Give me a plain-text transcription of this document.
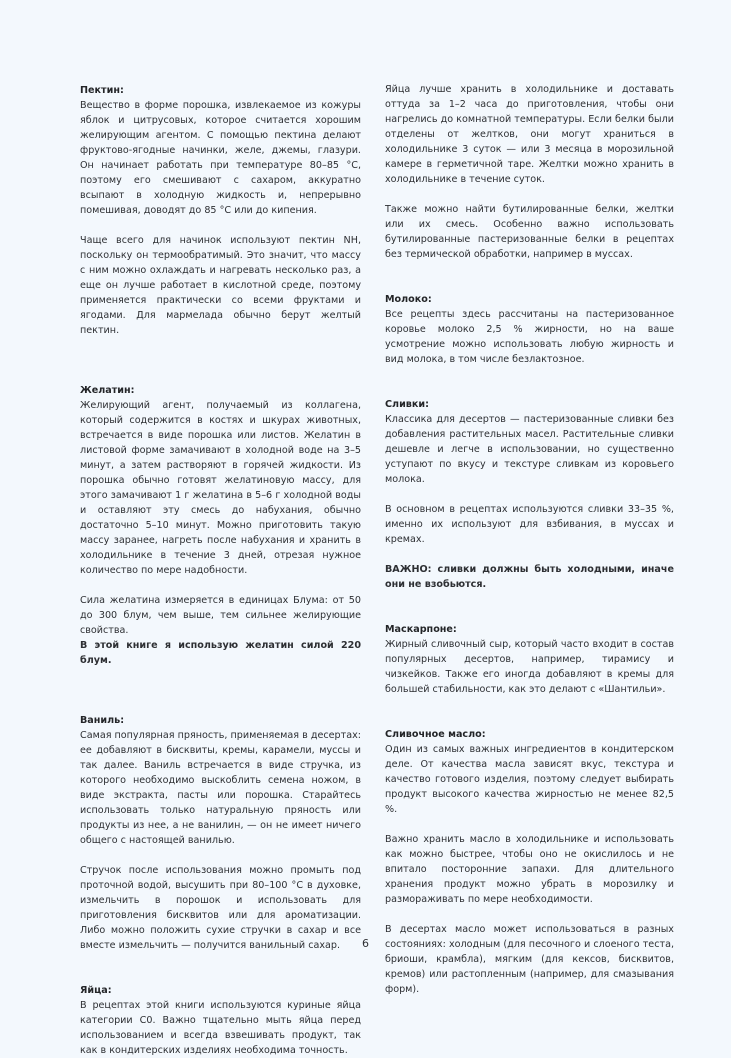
Пектин:

Вещество в форме порошка, извлекаемое из кожуры яблок и цитрусовых, которое считается хорошим желирующим агентом. С помощью пектина делают фруктово-ягодные начинки, желе, джемы, глазури. Он начинает работать при температуре 80–85 °C, поэтому его смешивают с сахаром, аккуратно всыпают в холодную жидкость и, непрерывно помешивая, доводят до 85 °C или до кипения.

Чаще всего для начинок используют пектин NH, поскольку он термообратимый. Это значит, что массу с ним можно охлаждать и нагревать несколько раз, а еще он лучше работает в кислотной среде, поэтому применяется практически со всеми фруктами и ягодами. Для мармелада обычно берут желтый пектин.

Желатин:

Желирующий агент, получаемый из коллагена, который содержится в костях и шкурах животных, встречается в виде порошка или листов. Желатин в листовой форме замачивают в холодной воде на 3–5 минут, а затем растворяют в горячей жидкости. Из порошка обычно готовят желатиновую массу, для этого замачивают 1 г желатина в 5–6 г холодной воды и оставляют эту смесь до набухания, обычно достаточно 5–10 минут. Можно приготовить такую массу заранее, нагреть после набухания и хранить в холодильнике в течение 3 дней, отрезая нужное количество по мере надобности.

Сила желатина измеряется в единицах Блума: от 50 до 300 блум, чем выше, тем сильнее желирующие свойства.

В этой книге я использую желатин силой 220 блум.

Ваниль:

Самая популярная пряность, применяемая в десертах: ее добавляют в бисквиты, кремы, карамели, муссы и так далее. Ваниль встречается в виде стручка, из которого необходимо выскоблить семена ножом, в виде экстракта, пасты или порошка. Старайтесь использовать только натуральную пряность или продукты из нее, а не ванилин, — он не имеет ничего общего с настоящей ванилью.

Стручок после использования можно промыть под проточной водой, высушить при 80–100 °C в духовке, измельчить в порошок и использовать для приготовления бисквитов или для ароматизации. Либо можно положить сухие стручки в сахар и все вместе измельчить — получится ванильный сахар.

Яйца:

В рецептах этой книги используются куриные яйца категории С0. Важно тщательно мыть яйца перед использованием и всегда взвешивать продукт, так как в кондитерских изделиях необходима точность.

Яйца лучше хранить в холодильнике и доставать оттуда за 1–2 часа до приготовления, чтобы они нагрелись до комнатной температуры. Если белки были отделены от желтков, они могут храниться в холодильнике 3 суток — или 3 месяца в морозильной камере в герметичной таре. Желтки можно хранить в холодильнике в течение суток.

Также можно найти бутилированные белки, желтки или их смесь. Особенно важно использовать бутилированные пастеризованные белки в рецептах без термической обработки, например в муссах.

Молоко:

Все рецепты здесь рассчитаны на пастеризованное коровье молоко 2,5 % жирности, но на ваше усмотрение можно использовать любую жирность и вид молока, в том числе безлактозное.

Сливки:

Классика для десертов — пастеризованные сливки без добавления растительных масел. Растительные сливки дешевле и легче в использовании, но существенно уступают по вкусу и текстуре сливкам из коровьего молока.

В основном в рецептах используются сливки 33–35 %, именно их используют для взбивания, в муссах и кремах.

ВАЖНО: сливки должны быть холодными, иначе они не взобьются.

Маскарпоне:

Жирный сливочный сыр, который часто входит в состав популярных десертов, например, тирамису и чизкейков. Также его иногда добавляют в кремы для большей стабильности, как это делают с «Шантильи».

Сливочное масло:

Один из самых важных ингредиентов в кондитерском деле. От качества масла зависят вкус, текстура и качество готового изделия, поэтому следует выбирать продукт высокого качества жирностью не менее 82,5 %.

Важно хранить масло в холодильнике и использовать как можно быстрее, чтобы оно не окислилось и не впитало посторонние запахи. Для длительного хранения продукт можно убрать в морозилку и размораживать по мере необходимости.

В десертах масло может использоваться в разных состояниях: холодным (для песочного и слоеного теста, бриоши, крамбла), мягким (для кексов, бисквитов, кремов) или растопленным (например, для смазывания форм).

6
